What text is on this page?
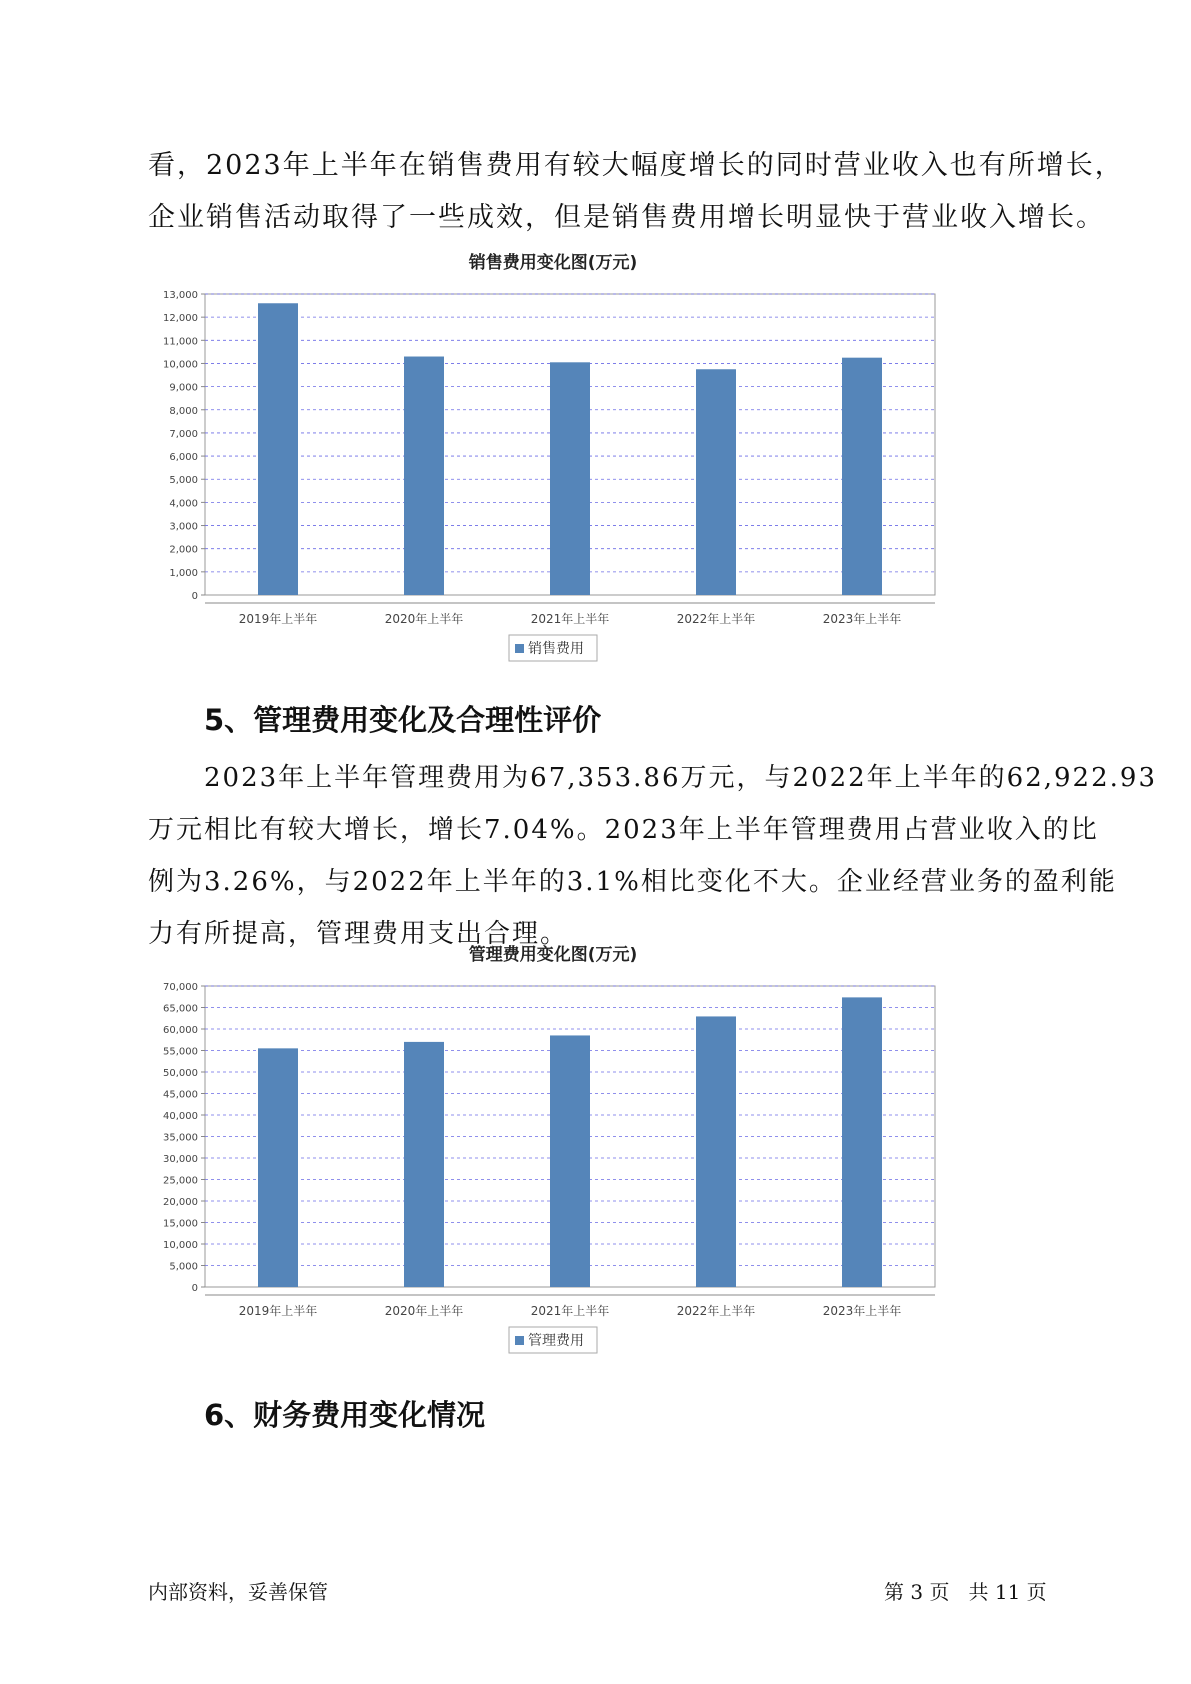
看，2023年上半年在销售费用有较大幅度增长的同时营业收入也有所增长，
企业销售活动取得了一些成效，但是销售费用增长明显快于营业收入增长。
销售费用变化图(万元)
0
1,000
2,000
3,000
4,000
5,000
6,000
7,000
8,000
9,000
10,000
11,000
12,000
13,000
2019年上半年	2020年上半年	2021年上半年	2022年上半年	2023年上半年
销售费用
5、管理费用变化及合理性评价
　　2023年上半年管理费用为67,353.86万元，与2022年上半年的62,922.93
万元相比有较大增长，增长7.04%。2023年上半年管理费用占营业收入的比
例为3.26%，与2022年上半年的3.1%相比变化不大。企业经营业务的盈利能
力有所提高，管理费用支出合理。
管理费用变化图(万元)
0
5,000
10,000
15,000
20,000
25,000
30,000
35,000
40,000
45,000
50,000
55,000
60,000
65,000
70,000
2019年上半年	2020年上半年	2021年上半年	2022年上半年	2023年上半年
管理费用
6、财务费用变化情况

内部资料，妥善保管	第 3 页   共 11 页
